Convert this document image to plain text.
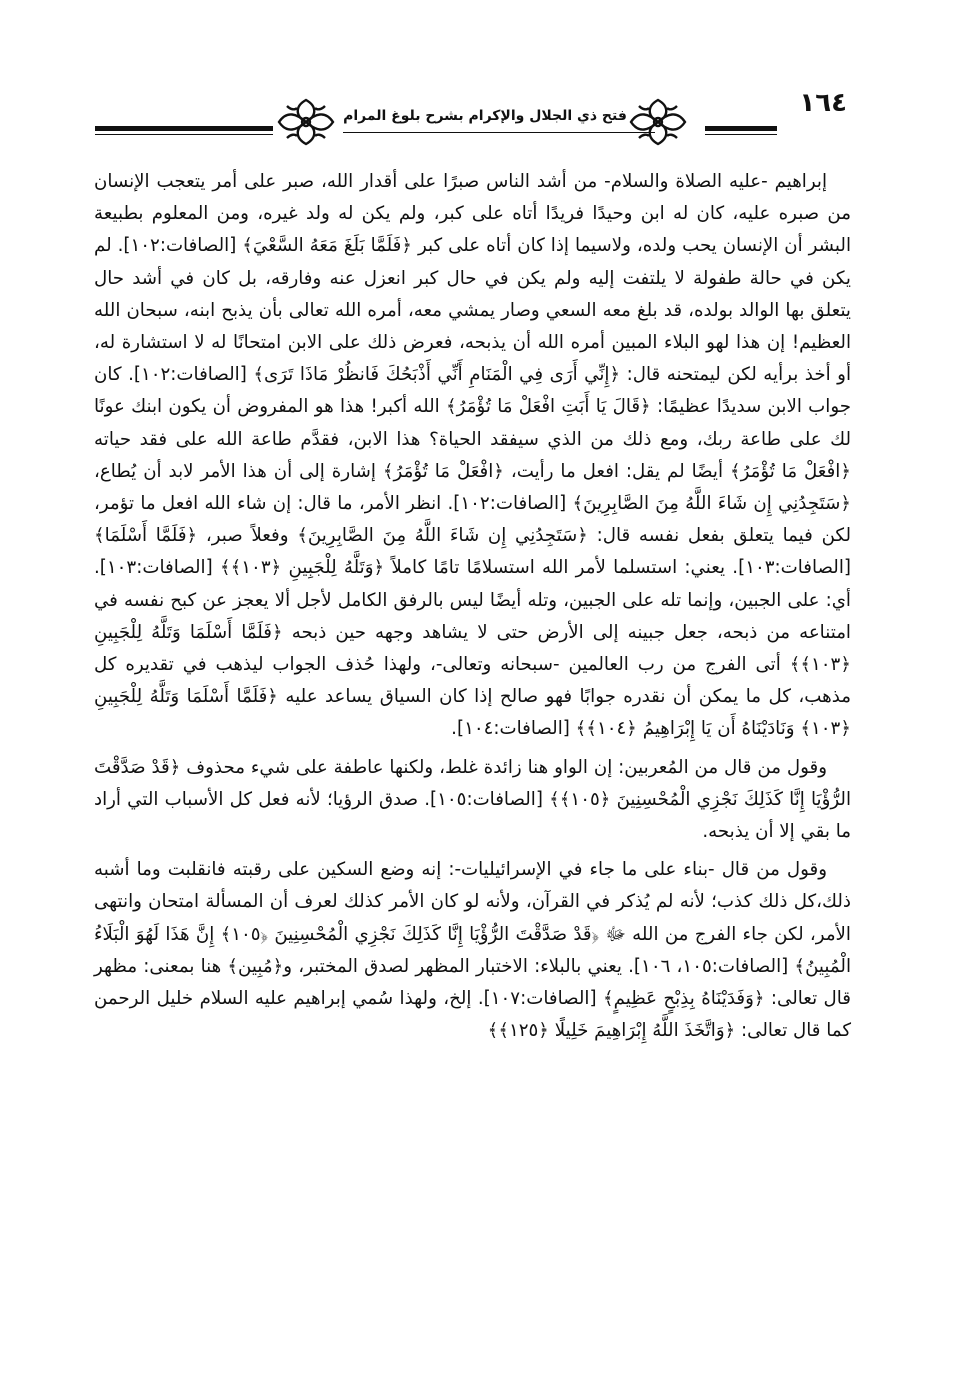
فتح ذي الجلال والإكرام بشرح بلوغ المرام	١٦٤

إبراهيم -عليه الصلاة والسلام- من أشد الناس صبرًا على أقدار الله، صبر على أمر يتعجب الإنسان من صبره عليه، كان له ابن وحيدًا فريدًا أتاه على كبر، ولم يكن له ولد غيره، ومن المعلوم بطبيعة البشر أن الإنسان يحب ولده، ولاسيما إذا كان أتاه على كبر ﴿فَلَمَّا بَلَغَ مَعَهُ السَّعْيَ﴾ [الصافات:١٠٢]. لم يكن في حالة طفولة لا يلتفت إليه ولم يكن في حال كبر انعزل عنه وفارقه، بل كان في أشد حال يتعلق بها الوالد بولده، قد بلغ معه السعي وصار يمشي معه، أمره الله تعالى بأن يذبح ابنه، سبحان الله العظيم! إن هذا لهو البلاء المبين أمره الله أن يذبحه، فعرض ذلك على الابن امتحانًا له لا استشارة له، أو أخذ برأيه لكن ليمتحنه قال: ﴿إِنِّي أَرَى فِي الْمَنَامِ أَنِّي أَذْبَحُكَ فَانظُرْ مَاذَا تَرَى﴾ [الصافات:١٠٢]. كان جواب الابن سديدًا عظيمًا: ﴿قَالَ يَا أَبَتِ افْعَلْ مَا تُؤْمَرُ﴾ الله أكبر! هذا هو المفروض أن يكون ابنك عونًا لك على طاعة ربك، ومع ذلك من الذي سيفقد الحياة؟ هذا الابن، فقدَّم طاعة الله على فقد حياته ﴿افْعَلْ مَا تُؤْمَرُ﴾ أيضًا لم يقل: افعل ما رأيت، ﴿افْعَلْ مَا تُؤْمَرُ﴾ إشارة إلى أن هذا الأمر لابد أن يُطاع، ﴿سَتَجِدُنِي إِن شَاءَ اللَّهُ مِنَ الصَّابِرِينَ﴾ [الصافات:١٠٢]. انظر الأمر، ما قال: إن شاء الله افعل ما تؤمر، لكن فيما يتعلق بفعل نفسه قال: ﴿سَتَجِدُنِي إِن شَاءَ اللَّهُ مِنَ الصَّابِرِينَ﴾ وفعلاً صبر، ﴿فَلَمَّا أَسْلَمَا﴾ [الصافات:١٠٣]. يعني: استسلما لأمر الله استسلامًا تامًا كاملاً ﴿وَتَلَّهُ لِلْجَبِينِ ﴿١٠٣﴾﴾ [الصافات:١٠٣]. أي: على الجبين، وإنما تله على الجبين، وتله أيضًا ليس بالرفق الكامل لأجل ألا يعجز عن كبح نفسه في امتناعه من ذبحه، جعل جبينه إلى الأرض حتى لا يشاهد وجهه حين ذبحه ﴿فَلَمَّا أَسْلَمَا وَتَلَّهُ لِلْجَبِينِ ﴿١٠٣﴾﴾ أتى الفرج من رب العالمين -سبحانه وتعالى-، ولهذا حُذف الجواب ليذهب في تقديره كل مذهب، كل ما يمكن أن نقدره جوابًا فهو صالح إذا كان السياق يساعد عليه ﴿فَلَمَّا أَسْلَمَا وَتَلَّهُ لِلْجَبِينِ ﴿١٠٣﴾ وَنَادَيْنَاهُ أَن يَا إِبْرَاهِيمُ ﴿١٠٤﴾﴾ [الصافات:١٠٤].

وقول من قال من المُعربين: إن الواو هنا زائدة غلط، ولكنها عاطفة على شيء محذوف ﴿قَدْ صَدَّقْتَ الرُّؤْيَا إِنَّا كَذَلِكَ نَجْزِي الْمُحْسِنِينَ ﴿١٠٥﴾﴾ [الصافات:١٠٥]. صدق الرؤيا؛ لأنه فعل كل الأسباب التي أراد ما بقي إلا أن يذبحه.

وقول من قال -بناء على ما جاء في الإسرائيليات-: إنه وضع السكين على رقبته فانقلبت وما أشبه ذلك،كل ذلك كذب؛ لأنه لم يُذكر في القرآن، ولأنه لو كان الأمر كذلك لعرف أن المسألة امتحان وانتهى الأمر، لكن جاء الفرج من الله ﷻ ﴿قَدْ صَدَّقْتَ الرُّؤْيَا إِنَّا كَذَلِكَ نَجْزِي الْمُحْسِنِينَ ﴿١٠٥﴾ إِنَّ هَذَا لَهُوَ الْبَلَاءُ الْمُبِينُ﴾ [الصافات:١٠٥، ١٠٦]. يعني بالبلاء: الاختبار المظهر لصدق المختبر، و﴿مُبِين﴾ هنا بمعنى: مظهر قال تعالى: ﴿وَفَدَيْنَاهُ بِذِبْحٍ عَظِيمٍ﴾ [الصافات:١٠٧]. إلخ، ولهذا سُمي إبراهيم عليه السلام خليل الرحمن كما قال تعالى: ﴿وَاتَّخَذَ اللَّهُ إِبْرَاهِيمَ خَلِيلًا ﴿١٢٥﴾﴾
